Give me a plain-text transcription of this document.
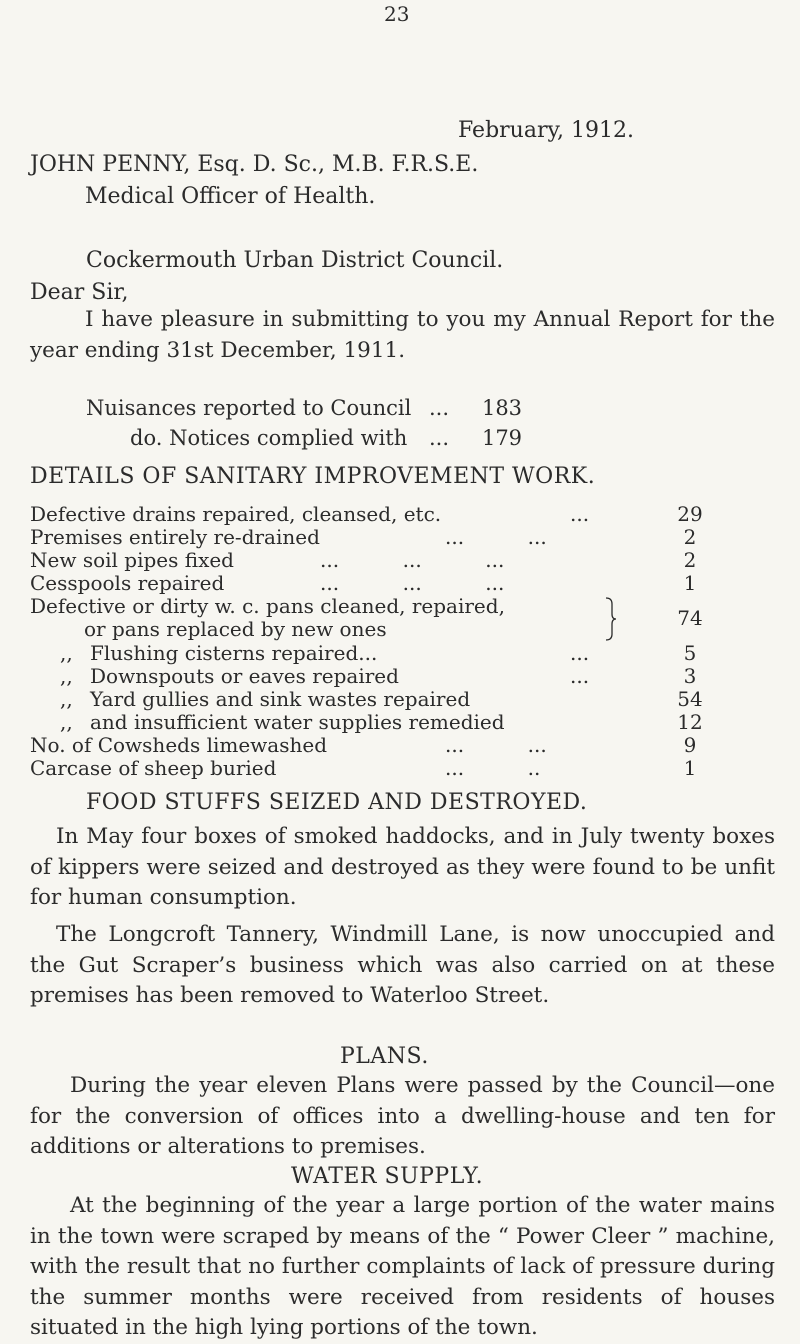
23
February, 1912.
JOHN PENNY, Esq. D. Sc., M.B. F.R.S.E.
Medical Officer of Health.
Cockermouth Urban District Council.
Dear Sir,
I have pleasure in submitting to you my Annual Report for the year ending 31st December, 1911.
Nuisances reported to Council ... 183
do. Notices complied with ... 179
DETAILS OF SANITARY IMPROVEMENT WORK.
Defective drains repaired, cleansed, etc.	...	29
Premises entirely re-drained	...          ...	2
New soil pipes fixed	...          ...          ...	2
Cesspools repaired	...          ...          ...	1
Defective or dirty w. c. pans cleaned, repaired,
or pans replaced by new ones	74
,, Flushing cisterns repaired...	...	5
,, Downspouts or eaves repaired	...	3
,, Yard gullies and sink wastes repaired	54
,, and insufficient water supplies remedied	12
No. of Cowsheds limewashed	...          ...	9
Carcase of sheep buried	...          ..	1
FOOD STUFFS SEIZED AND DESTROYED.
In May four boxes of smoked haddocks, and in July twenty boxes of kippers were seized and destroyed as they were found to be unfit for human consumption.
The Longcroft Tannery, Windmill Lane, is now unoccupied and the Gut Scraper’s business which was also carried on at these premises has been removed to Waterloo Street.
PLANS.
During the year eleven Plans were passed by the Council—one for the conversion of offices into a dwelling-house and ten for additions or alterations to premises.
WATER SUPPLY.
At the beginning of the year a large portion of the water mains in the town were scraped by means of the “ Power Cleer ” machine, with the result that no further complaints of lack of pressure during the summer months were received from residents of houses situated in the high lying portions of the town.
